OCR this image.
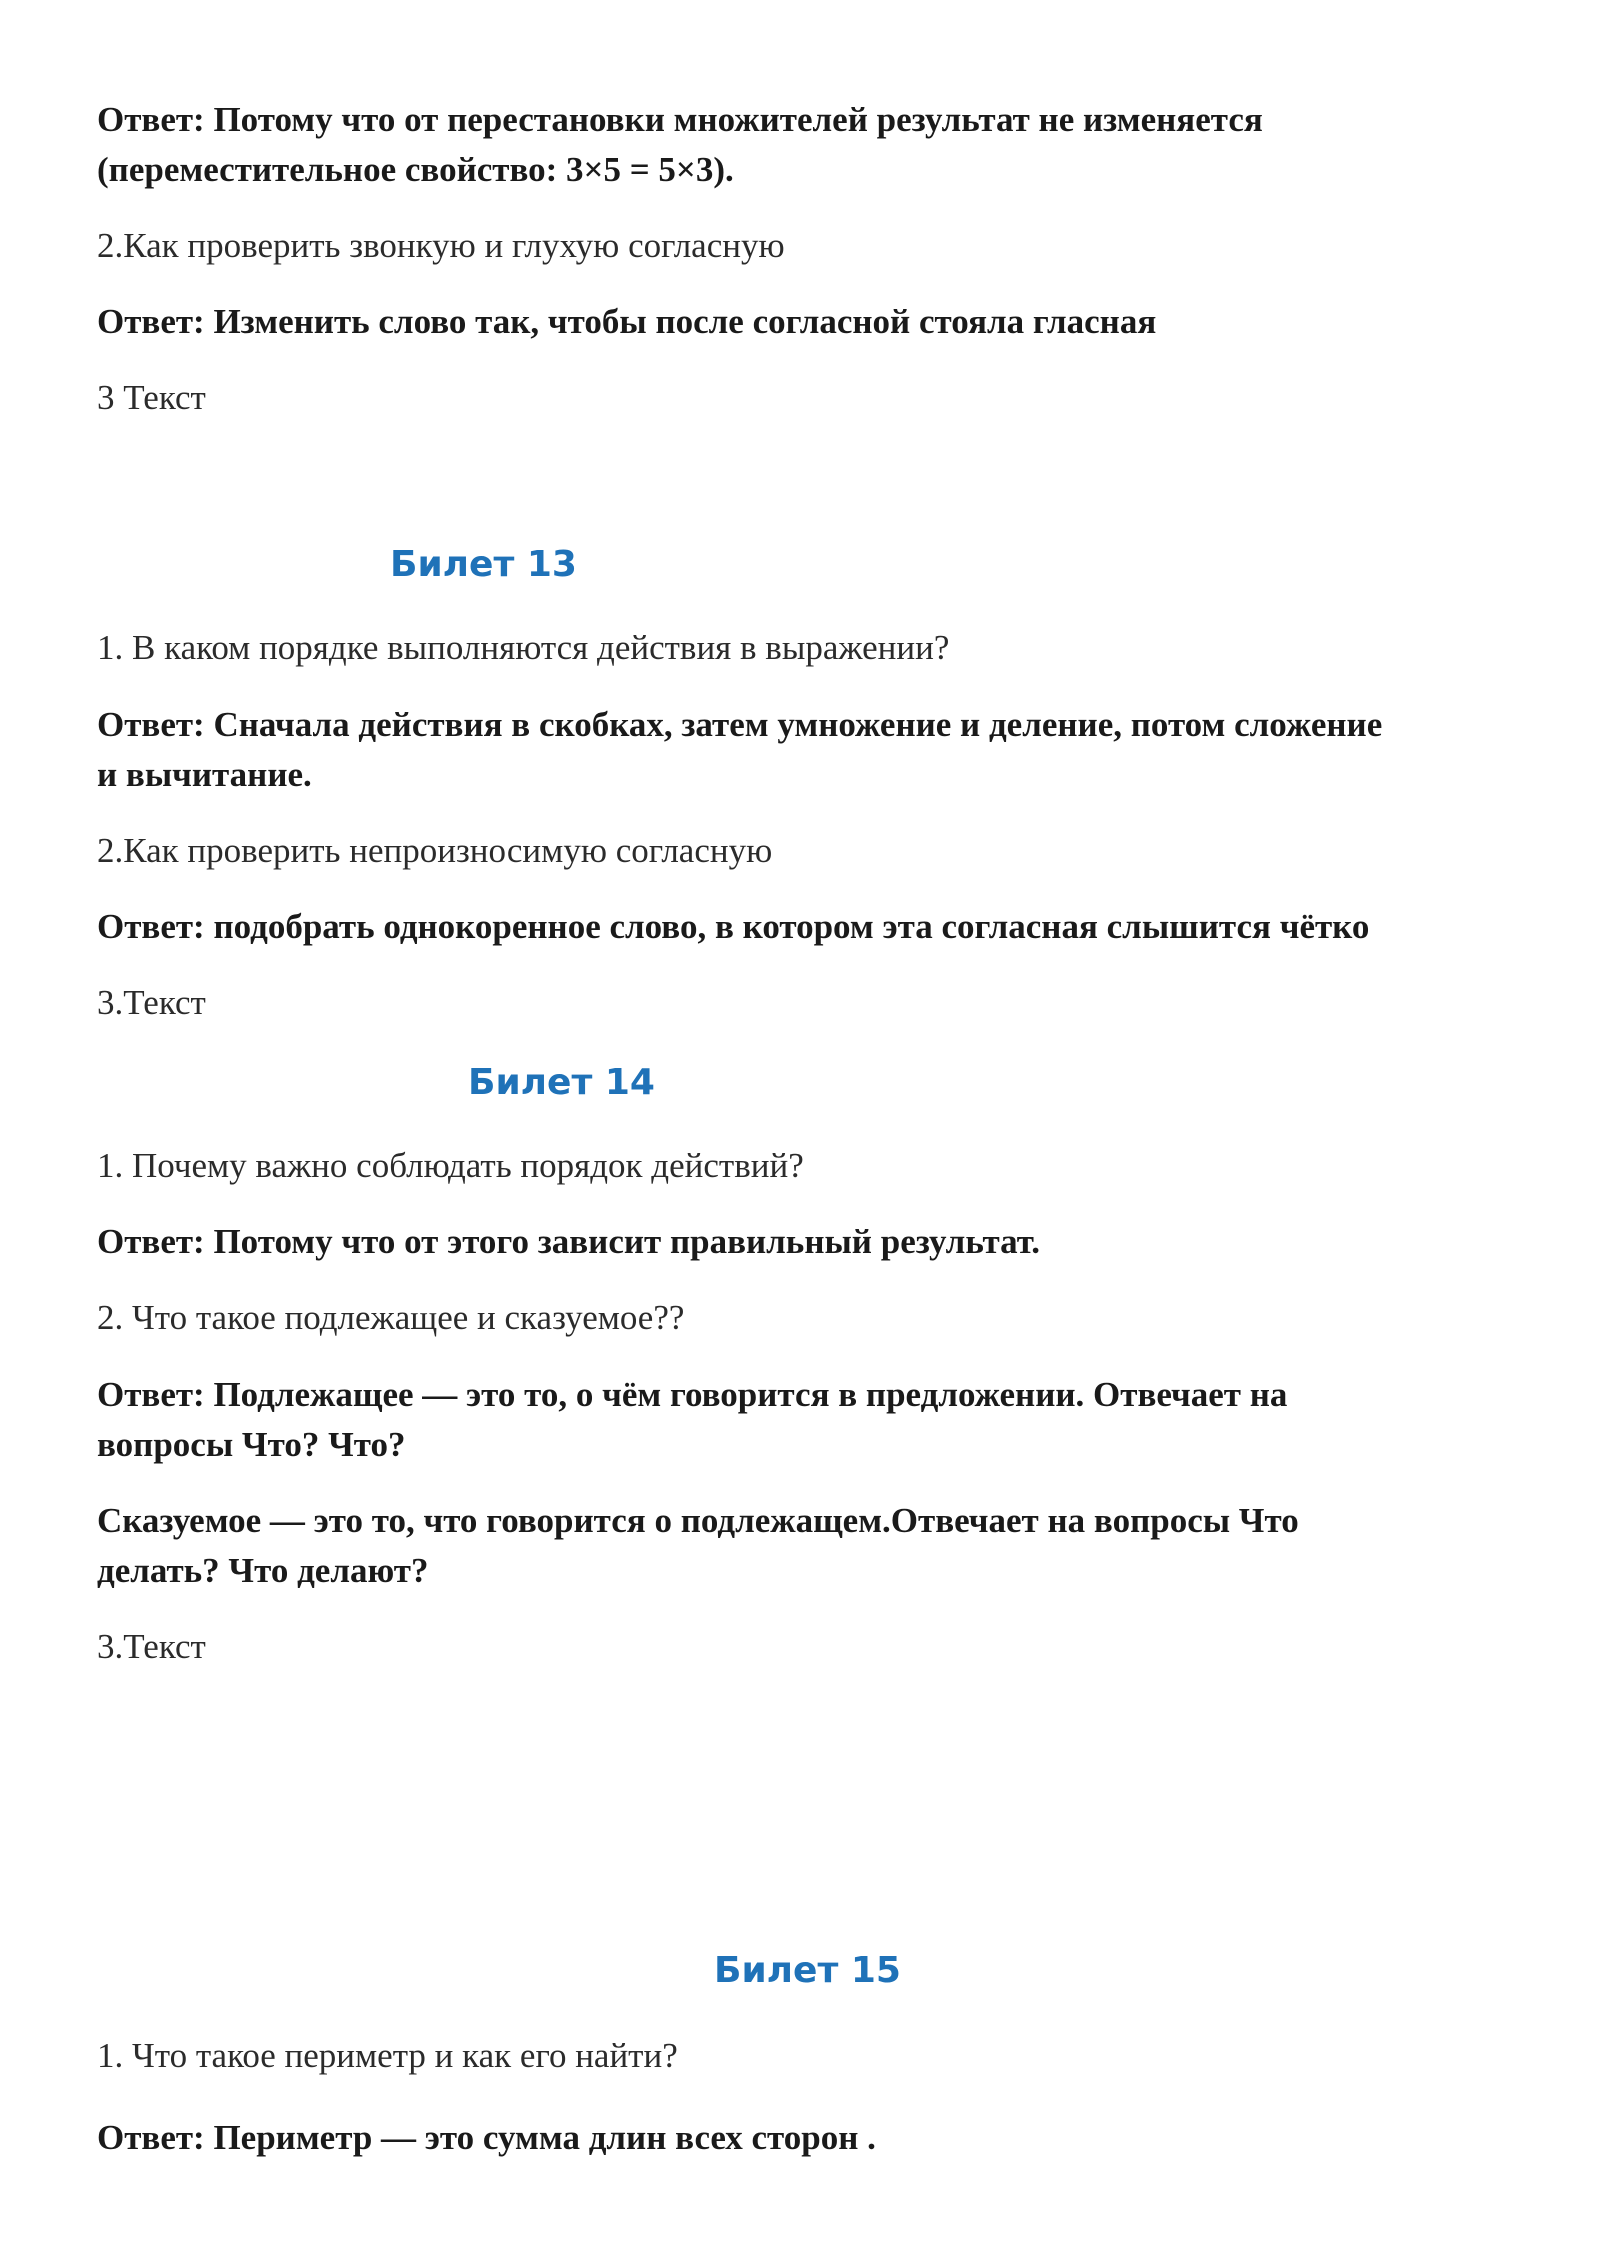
Ответ: Потому что от перестановки множителей результат не изменяется

(переместительное свойство: 3×5 = 5×3).

2.Как проверить звонкую и глухую согласную

Ответ: Изменить слово так, чтобы после согласной стояла гласная

3 Текст

Билет 13

1. В каком порядке выполняются действия в выражении?

Ответ: Сначала действия в скобках, затем умножение и деление, потом сложение

и вычитание.

2.Как проверить непроизносимую согласную

Ответ: подобрать однокоренное слово, в котором эта согласная слышится чётко

3.Текст

Билет 14

1. Почему важно соблюдать порядок действий?

Ответ: Потому что от этого зависит правильный результат.

2. Что такое подлежащее и сказуемое??

Ответ: Подлежащее — это то, о чём говорится в предложении. Отвечает на

вопросы Что? Что?

Сказуемое — это то, что говорится о подлежащем.Отвечает на вопросы Что

делать? Что делают?

3.Текст

Билет 15

1. Что такое периметр и как его найти?

Ответ: Периметр — это сумма длин всех сторон .
